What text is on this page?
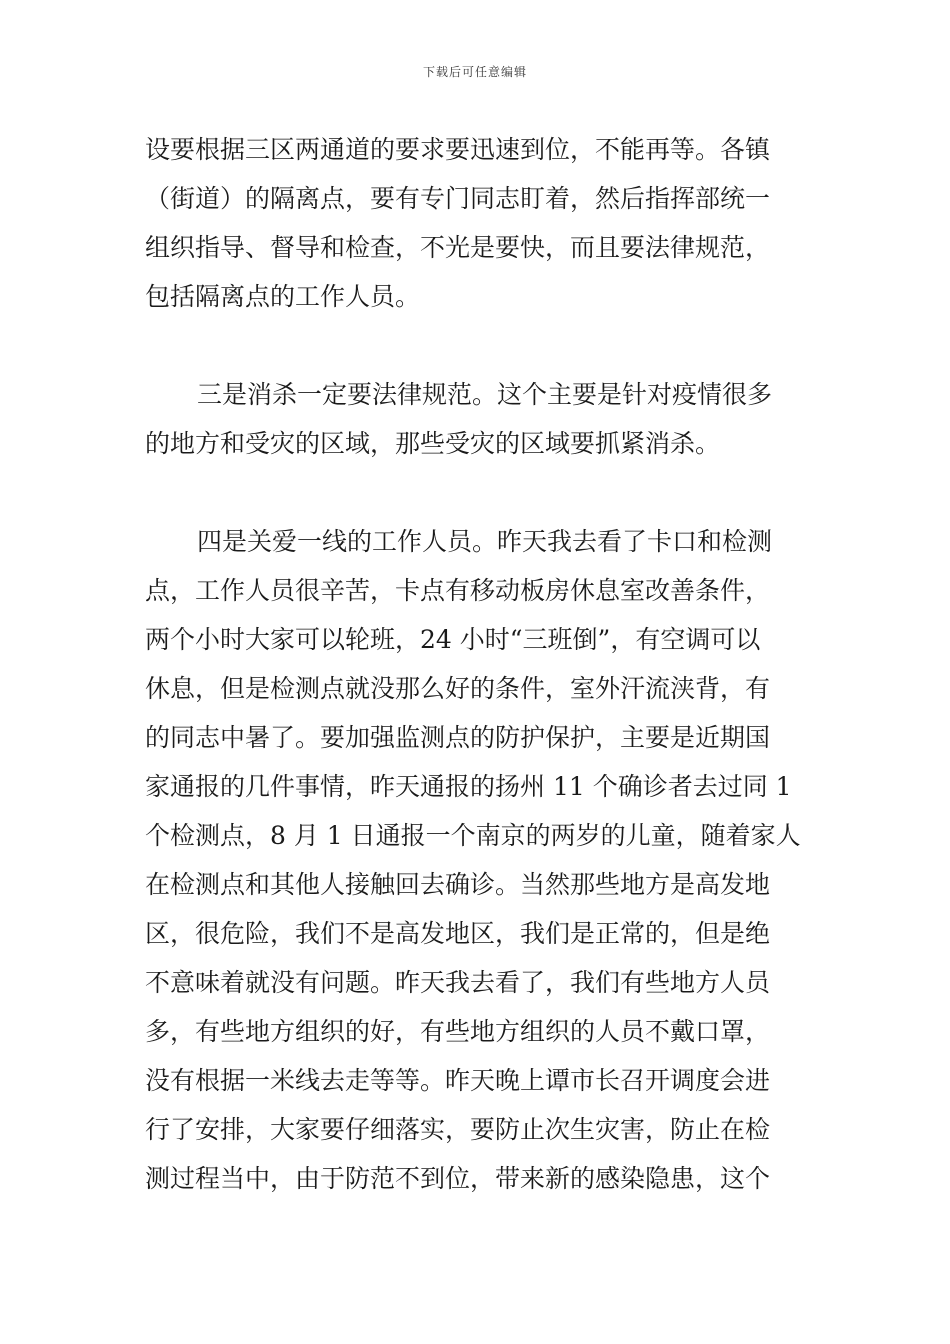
下载后可任意编辑

设要根据三区两通道的要求要迅速到位，不能再等。各镇
（街道）的隔离点，要有专门同志盯着，然后指挥部统一
组织指导、督导和检查，不光是要快，而且要法律规范，
包括隔离点的工作人员。

三是消杀一定要法律规范。这个主要是针对疫情很多
的地方和受灾的区域，那些受灾的区域要抓紧消杀。

四是关爱一线的工作人员。昨天我去看了卡口和检测
点，工作人员很辛苦，卡点有移动板房休息室改善条件，
两个小时大家可以轮班，24 小时“三班倒”，有空调可以
休息，但是检测点就没那么好的条件，室外汗流浃背，有
的同志中暑了。要加强监测点的防护保护，主要是近期国
家通报的几件事情，昨天通报的扬州 11 个确诊者去过同 1
个检测点，8 月 1 日通报一个南京的两岁的儿童，随着家人
在检测点和其他人接触回去确诊。当然那些地方是高发地
区，很危险，我们不是高发地区，我们是正常的，但是绝
不意味着就没有问题。昨天我去看了，我们有些地方人员
多，有些地方组织的好，有些地方组织的人员不戴口罩，
没有根据一米线去走等等。昨天晚上谭市长召开调度会进
行了安排，大家要仔细落实，要防止次生灾害，防止在检
测过程当中，由于防范不到位，带来新的感染隐患，这个
